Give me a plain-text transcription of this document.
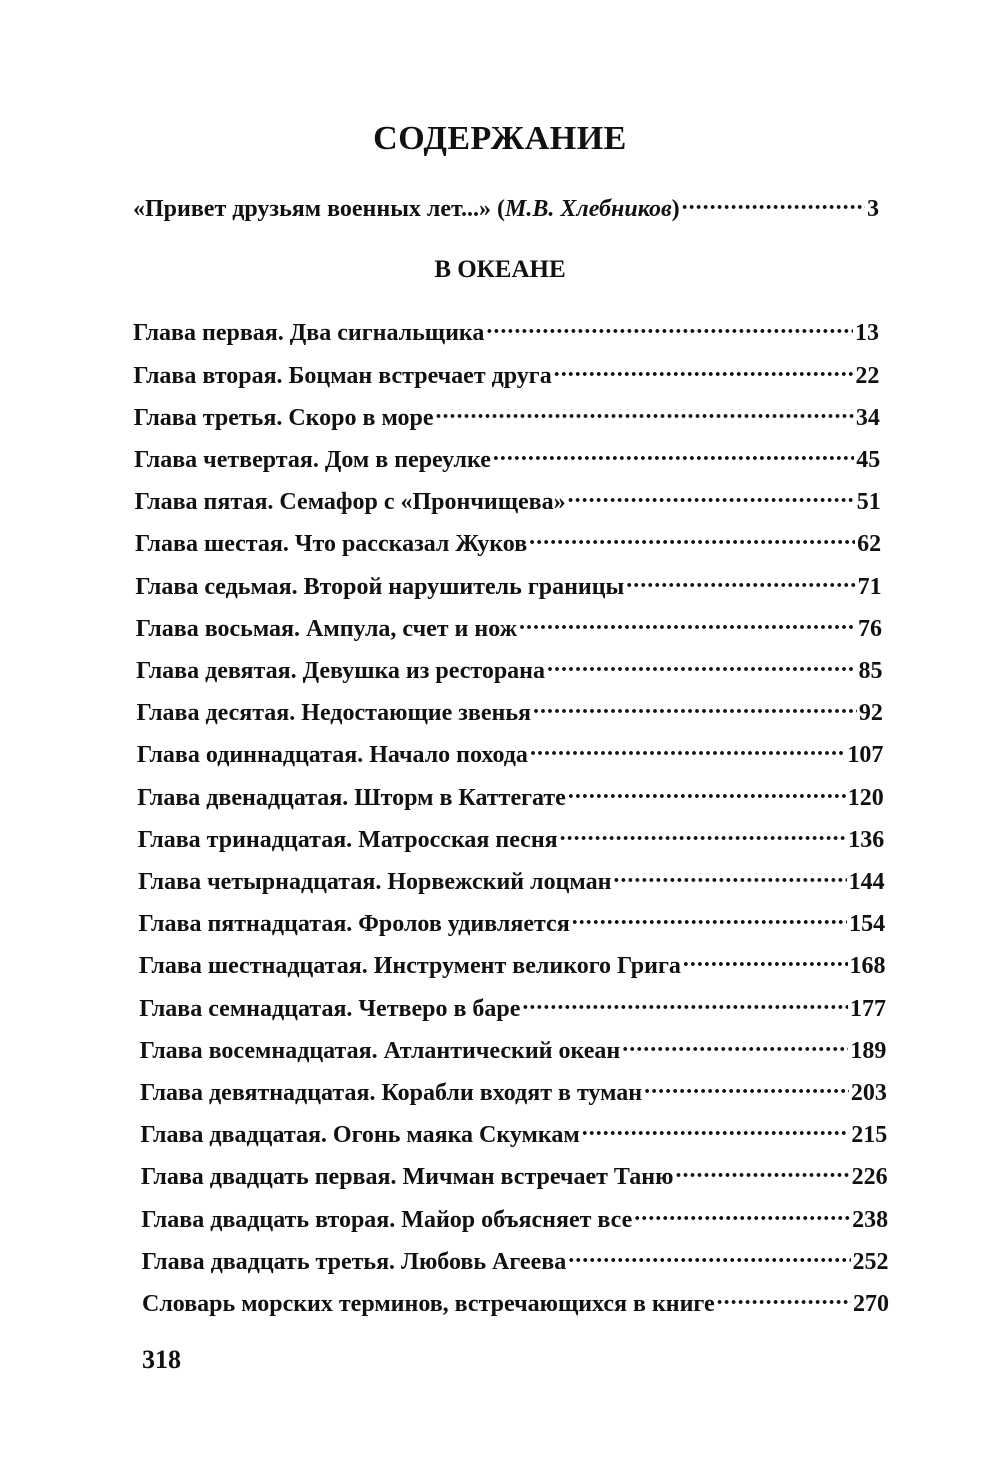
СОДЕРЖАНИЕ
«Привет друзьям военных лет...» (М.В. Хлебников) .....	3
В ОКЕАНЕ
Глава первая. Два сигнальщика .....	13
Глава вторая. Боцман встречает друга .....	22
Глава третья. Скоро в море .....	34
Глава четвертая. Дом в переулке .....	45
Глава пятая. Семафор с «Прончищева» .....	51
Глава шестая. Что рассказал Жуков .....	62
Глава седьмая. Второй нарушитель границы .....	71
Глава восьмая. Ампула, счет и нож .....	76
Глава девятая. Девушка из ресторана .....	85
Глава десятая. Недостающие звенья .....	92
Глава одиннадцатая. Начало похода .....	107
Глава двенадцатая. Шторм в Каттегате .....	120
Глава тринадцатая. Матросская песня .....	136
Глава четырнадцатая. Норвежский лоцман .....	144
Глава пятнадцатая. Фролов удивляется .....	154
Глава шестнадцатая. Инструмент великого Грига .....	168
Глава семнадцатая. Четверо в баре .....	177
Глава восемнадцатая. Атлантический океан .....	189
Глава девятнадцатая. Корабли входят в туман .....	203
Глава двадцатая. Огонь маяка Скумкам .....	215
Глава двадцать первая. Мичман встречает Таню .....	226
Глава двадцать вторая. Майор объясняет все .....	238
Глава двадцать третья. Любовь Агеева .....	252
Словарь морских терминов, встречающихся в книге .....	270
318
